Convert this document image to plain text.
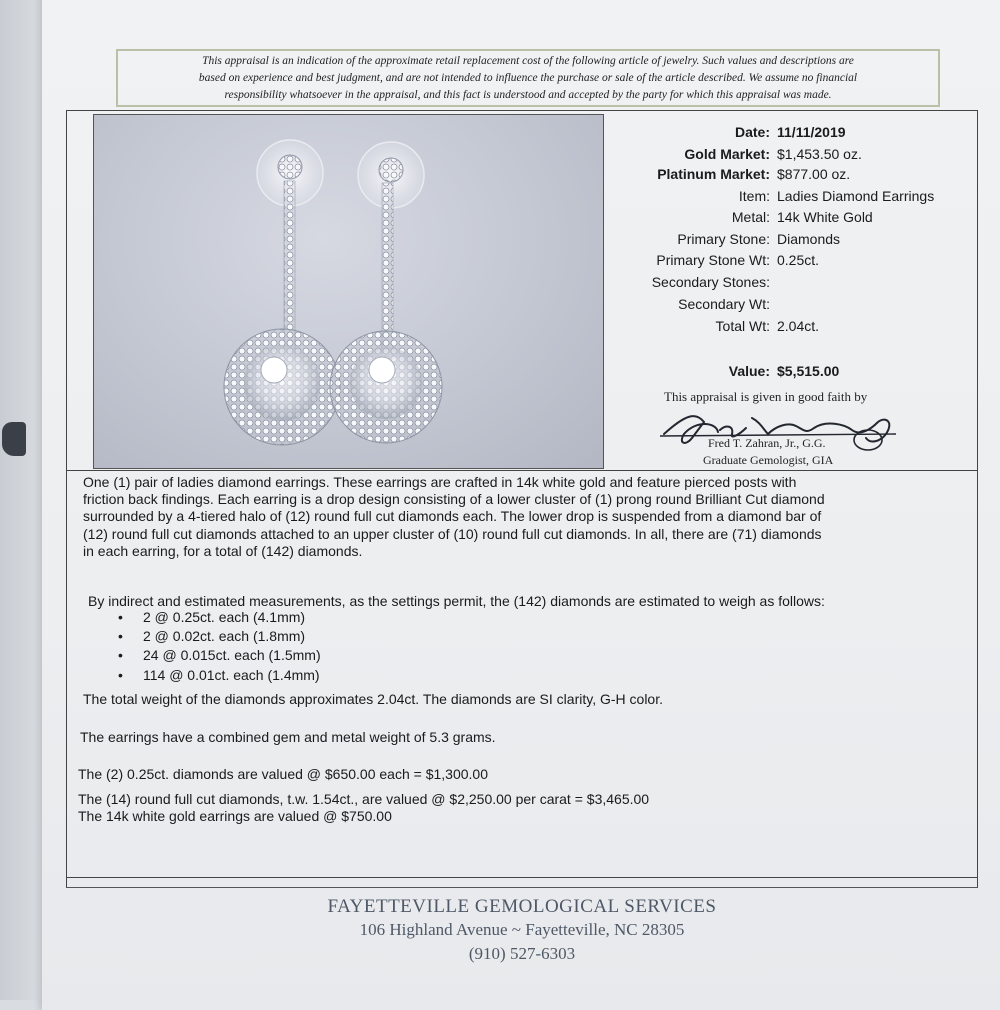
This appraisal is an indication of the approximate retail replacement cost of the following article of jewelry. Such values and descriptions are
based on experience and best judgment, and are not intended to influence the purchase or sale of the article described. We assume no financial
responsibility whatsoever in the appraisal, and this fact is understood and accepted by the party for which this appraisal was made.
Date: 11/11/2019
Gold Market: $1,453.50 oz.
Platinum Market: $877.00 oz.
Item: Ladies Diamond Earrings
Metal: 14k White Gold
Primary Stone: Diamonds
Primary Stone Wt: 0.25ct.
Secondary Stones:
Secondary Wt:
Total Wt: 2.04ct.
Value: $5,515.00
This appraisal is given in good faith by
Fred T. Zahran, Jr., G.G.
Graduate Gemologist, GIA
One (1) pair of ladies diamond earrings. These earrings are crafted in 14k white gold and feature pierced posts with
friction back findings. Each earring is a drop design consisting of a lower cluster of (1) prong round Brilliant Cut diamond
surrounded by a 4-tiered halo of (12) round full cut diamonds each. The lower drop is suspended from a diamond bar of
(12) round full cut diamonds attached to an upper cluster of (10) round full cut diamonds. In all, there are (71) diamonds
in each earring, for a total of (142) diamonds.
By indirect and estimated measurements, as the settings permit, the (142) diamonds are estimated to weigh as follows:
• 2 @ 0.25ct. each (4.1mm)
• 2 @ 0.02ct. each (1.8mm)
• 24 @ 0.015ct. each (1.5mm)
• 114 @ 0.01ct. each (1.4mm)
The total weight of the diamonds approximates 2.04ct. The diamonds are SI clarity, G-H color.
The earrings have a combined gem and metal weight of 5.3 grams.
The (2) 0.25ct. diamonds are valued @ $650.00 each = $1,300.00
The (14) round full cut diamonds, t.w. 1.54ct., are valued @ $2,250.00 per carat = $3,465.00
The 14k white gold earrings are valued @ $750.00
FAYETTEVILLE GEMOLOGICAL SERVICES
106 Highland Avenue ~ Fayetteville, NC 28305
(910) 527-6303
